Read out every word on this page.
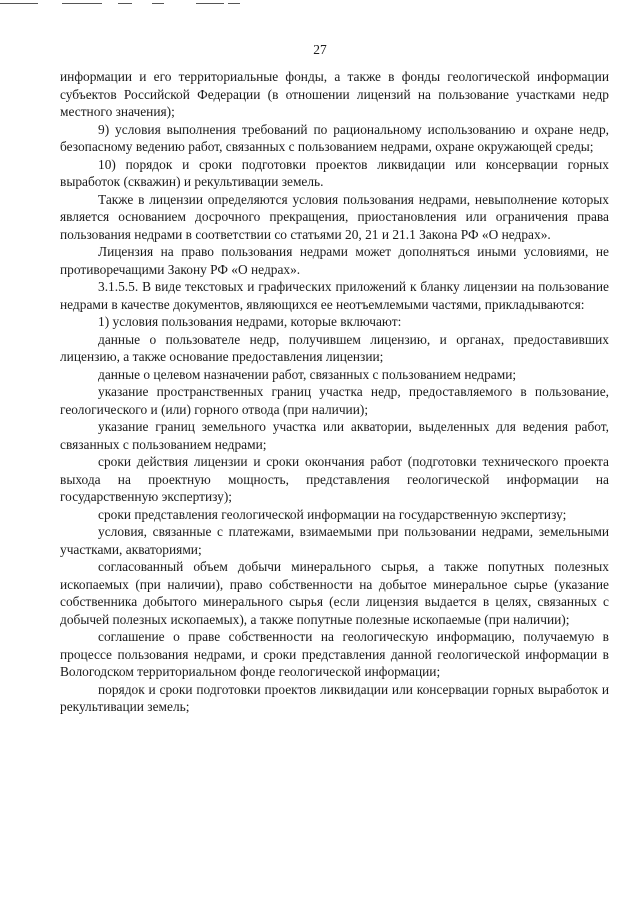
27

информации и его территориальные фонды, а также в фонды геологической информации субъектов Российской Федерации (в отношении лицензий на пользование участками недр местного значения);

9) условия выполнения требований по рациональному использованию и охране недр, безопасному ведению работ, связанных с пользованием недрами, охране окружающей среды;

10) порядок и сроки подготовки проектов ликвидации или консервации горных выработок (скважин) и рекультивации земель.

Также в лицензии определяются условия пользования недрами, невыполнение которых является основанием досрочного прекращения, приостановления или ограничения права пользования недрами в соответствии со статьями 20, 21 и 21.1 Закона РФ «О недрах».

Лицензия на право пользования недрами может дополняться иными условиями, не противоречащими Закону РФ «О недрах».

3.1.5.5. В виде текстовых и графических приложений к бланку лицензии на пользование недрами в качестве документов, являющихся ее неотъемлемыми частями, прикладываются:

1) условия пользования недрами, которые включают:

данные о пользователе недр, получившем лицензию, и органах, предоставивших лицензию, а также основание предоставления лицензии;

данные о целевом назначении работ, связанных с пользованием недрами;

указание пространственных границ участка недр, предоставляемого в пользование, геологического и (или) горного отвода (при наличии);

указание границ земельного участка или акватории, выделенных для ведения работ, связанных с пользованием недрами;

сроки действия лицензии и сроки окончания работ (подготовки технического проекта выхода на проектную мощность, представления геологической информации на государственную экспертизу);

сроки представления геологической информации на государственную экспертизу;

условия, связанные с платежами, взимаемыми при пользовании недрами, земельными участками, акваториями;

согласованный объем добычи минерального сырья, а также попутных полезных ископаемых (при наличии), право собственности на добытое минеральное сырье (указание собственника добытого минерального сырья (если лицензия выдается в целях, связанных с добычей полезных ископаемых), а также попутные полезные ископаемые (при наличии);

соглашение о праве собственности на геологическую информацию, получаемую в процессе пользования недрами, и сроки представления данной геологической информации в Вологодском территориальном фонде геологической информации;

порядок и сроки подготовки проектов ликвидации или консервации горных выработок и рекультивации земель;
